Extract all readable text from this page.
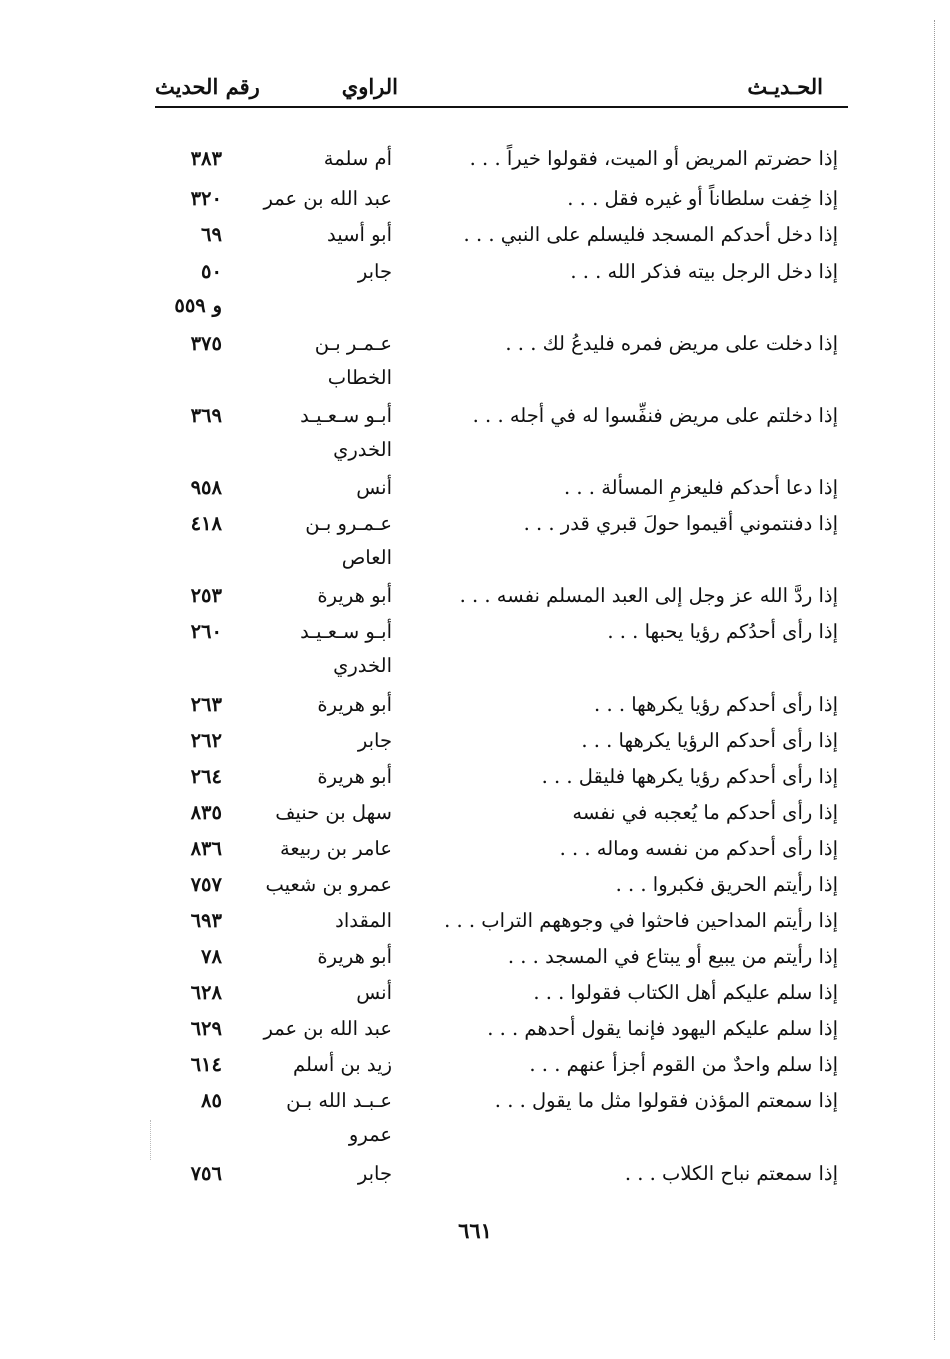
الحـديـث
الراوي
رقم الحديث
إذا حضرتم المريض أو الميت، فقولوا خيراً . . .
أم سلمة
٣٨٣
إذا خِفت سلطاناً أو غيره فقل . . .
عبد الله بن عمر
٣٢٠
إذا دخل أحدكم المسجد فليسلم على النبي . . .
أبو أسيد
٦٩
إذا دخل الرجل بيته فذكر الله . . .
جابر
٥٠
و ٥٥٩
إذا دخلت على مريض فمره فليدعُ لك . . .
عـمـر بـن
الخطاب
٣٧٥
إذا دخلتم على مريض فنفِّسوا له في أجله . . .
أبـو سـعـيـد
الخدري
٣٦٩
إذا دعا أحدكم فليعزمِ المسألة . . .
أنس
٩٥٨
إذا دفنتموني أقيموا حولَ قبري قدر . . .
عـمـرو بـن
العاص
٤١٨
إذا ردَّ الله عز وجل إلى العبد المسلم نفسه . . .
أبو هريرة
٢٥٣
إذا رأى أحدُكم رؤيا يحبها . . .
أبـو سـعـيـد
الخدري
٢٦٠
إذا رأى أحدكم رؤيا يكرهها . . .
أبو هريرة
٢٦٣
إذا رأى أحدكم الرؤيا يكرهها . . .
جابر
٢٦٢
إذا رأى أحدكم رؤيا يكرهها فليقل . . .
أبو هريرة
٢٦٤
إذا رأى أحدكم ما يُعجبه في نفسه
سهل بن حنيف
٨٣٥
إذا رأى أحدكم من نفسه وماله . . .
عامر بن ربيعة
٨٣٦
إذا رأيتم الحريق فكبروا . . .
عمرو بن شعيب
٧٥٧
إذا رأيتم المداحين فاحثوا في وجوههم التراب . . .
المقداد
٦٩٣
إذا رأيتم من يبيع أو يبتاع في المسجد . . .
أبو هريرة
٧٨
إذا سلم عليكم أهل الكتاب فقولوا . . .
أنس
٦٢٨
إذا سلم عليكم اليهود فإنما يقول أحدهم . . .
عبد الله بن عمر
٦٢٩
إذا سلم واحدٌ من القوم أجزأ عنهم . . .
زيد بن أسلم
٦١٤
إذا سمعتم المؤذن فقولوا مثل ما يقول . . .
عـبـد الله بـن
عمرو
٨٥
إذا سمعتم نباح الكلاب . . .
جابر
٧٥٦
٦٦١
